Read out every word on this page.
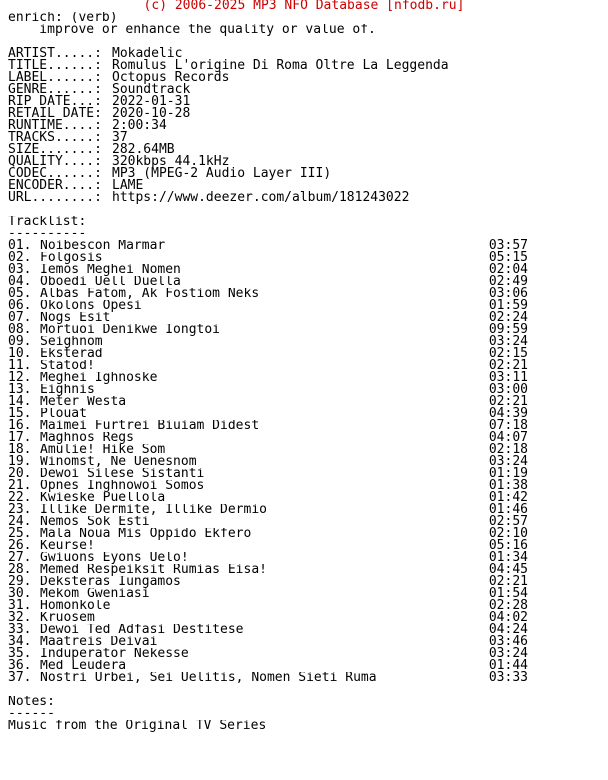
(c) 2006-2025 MP3 NFO Database [nfodb.ru]
enrich: (verb)
improve or enhance the quality or value of.
ARTIST.....: Mokadelic
TITLE......: Romulus L'origine Di Roma Oltre La Leggenda
LABEL......: Octopus Records
GENRE......: Soundtrack
RIP DATE...: 2022-01-31
RETAIL DATE: 2020-10-28
RUNTIME....: 2:00:34
TRACKS.....: 37
SIZE.......: 282.64MB
QUALITY....: 320kbps 44.1kHz
CODEC......: MP3 (MPEG-2 Audio Layer III)
ENCODER....: LAME
URL........: https://www.deezer.com/album/181243022
Tracklist:
----------
01. Noibescon Marmar	03:57
02. Folgosis	05:15
03. Iemos Meghei Nomen	02:04
04. Oboedi Uell Duella	02:49
05. Albas Fatom, Ak Fostiom Neks	03:06
06. Okolons Opesi	01:59
07. Nogs Esit	02:24
08. Mortuoi Denikwe Iongtoi	09:59
09. Seighnom	03:24
10. Eksterad	02:15
11. Statod!	02:21
12. Meghei Ighnoske	03:11
13. Eighnis	03:00
14. Meter Westa	02:21
15. Plouat	04:39
16. Maimei Furtrei Biuiam Didest	07:18
17. Maghnos Regs	04:07
18. Amulie! Hike Som	02:18
19. Winomst, Ne Uenesnom	03:24
20. Dewoi Silese Sistanti	01:19
21. Opnes Inghnowoi Somos	01:38
22. Kwieske Puellola	01:42
23. Illike Dermite, Illike Dermio	01:46
24. Nemos Sok Esti	02:57
25. Mala Noua Mis Oppido Ekfero	02:10
26. Keurse!	05:16
27. Gwiuons Eyons Uelo!	01:34
28. Memed Respeiksit Rumias Eisa!	04:45
29. Deksteras Iungamos	02:21
30. Mekom Gweniasi	01:54
31. Homonkole	02:28
32. Kruosem	04:02
33. Dewoi Ted Adfasi Destitese	04:24
34. Maatreis Deivai	03:46
35. Induperator Nekesse	03:24
36. Med Leudera	01:44
37. Nostri Urbei, Sei Uelitis, Nomen Sieti Ruma	03:33
Notes:
------
Music from the Original TV Series
